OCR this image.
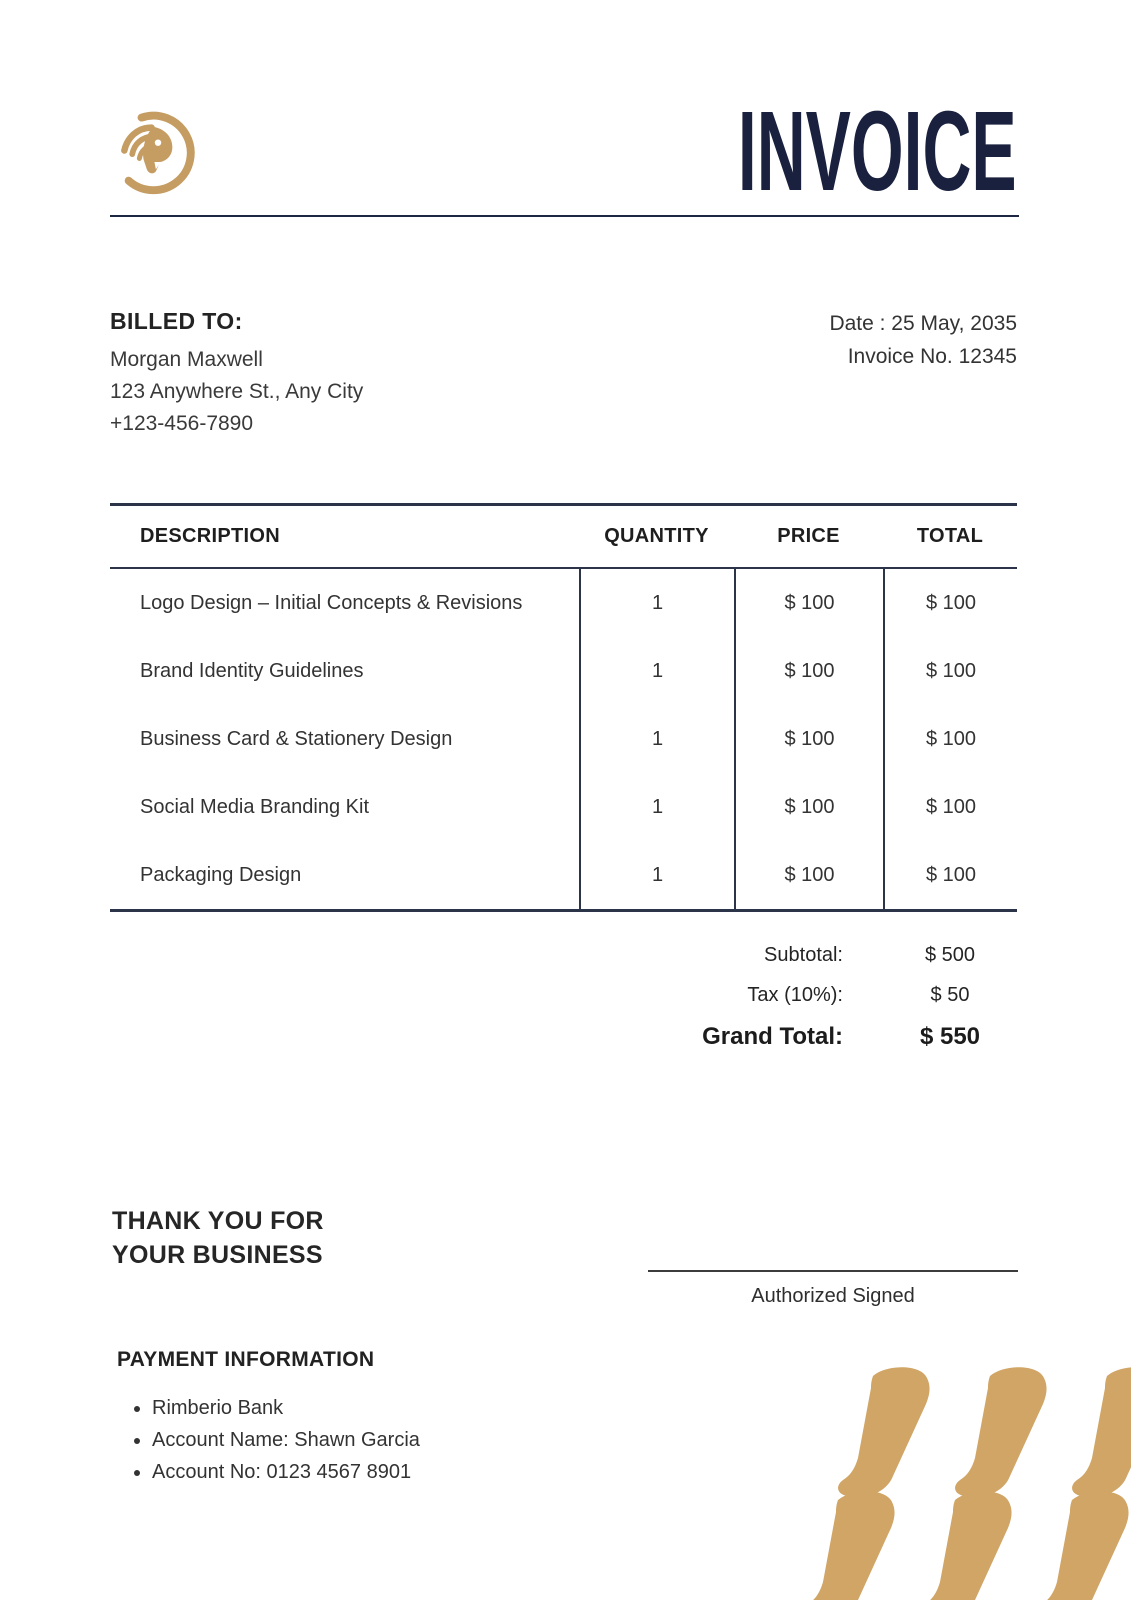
INVOICE
BILLED TO:
Morgan Maxwell
123 Anywhere St., Any City
+123-456-7890
Date : 25 May, 2035
Invoice No. 12345
DESCRIPTION	QUANTITY	PRICE	TOTAL
Logo Design – Initial Concepts & Revisions	1	$ 100	$ 100
Brand Identity Guidelines	1	$ 100	$ 100
Business Card & Stationery Design	1	$ 100	$ 100
Social Media Branding Kit	1	$ 100	$ 100
Packaging Design	1	$ 100	$ 100
Subtotal:	$ 500
Tax (10%):	$ 50
Grand Total:	$ 550
THANK YOU FOR
YOUR BUSINESS
Authorized Signed
PAYMENT INFORMATION
• Rimberio Bank
• Account Name: Shawn Garcia
• Account No: 0123 4567 8901
